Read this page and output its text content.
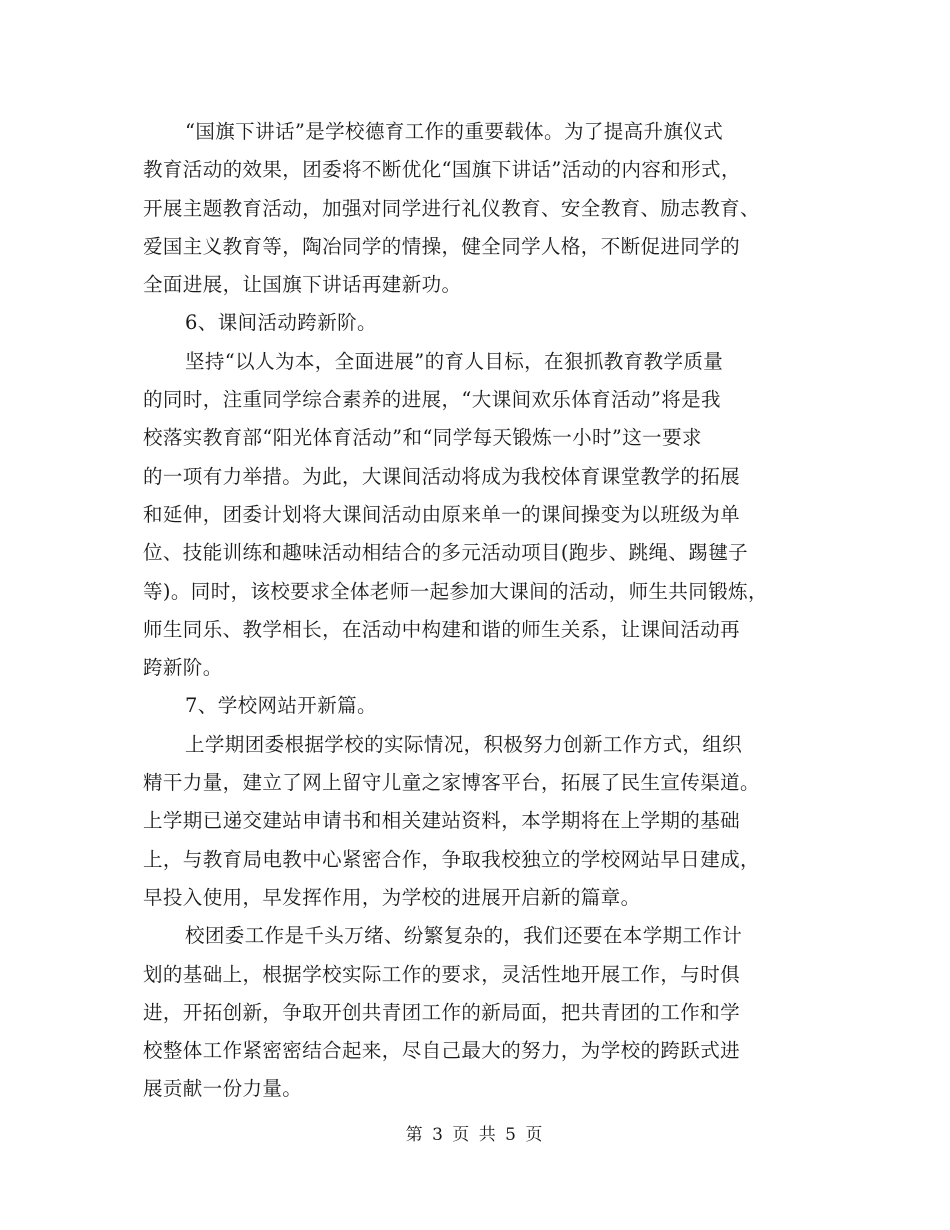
“国旗下讲话”是学校德育工作的重要载体。为了提高升旗仪式
教育活动的效果，团委将不断优化“国旗下讲话”活动的内容和形式，
开展主题教育活动，加强对同学进行礼仪教育、安全教育、励志教育、
爱国主义教育等，陶冶同学的情操，健全同学人格，不断促进同学的
全面进展，让国旗下讲话再建新功。
6、课间活动跨新阶。
坚持“以人为本，全面进展”的育人目标，在狠抓教育教学质量
的同时，注重同学综合素养的进展，“大课间欢乐体育活动”将是我
校落实教育部“阳光体育活动”和“同学每天锻炼一小时”这一要求
的一项有力举措。为此，大课间活动将成为我校体育课堂教学的拓展
和延伸，团委计划将大课间活动由原来单一的课间操变为以班级为单
位、技能训练和趣味活动相结合的多元活动项目(跑步、跳绳、踢毽子
等)。同时，该校要求全体老师一起参加大课间的活动，师生共同锻炼，
师生同乐、教学相长，在活动中构建和谐的师生关系，让课间活动再
跨新阶。
7、学校网站开新篇。
上学期团委根据学校的实际情况，积极努力创新工作方式，组织
精干力量，建立了网上留守儿童之家博客平台，拓展了民生宣传渠道。
上学期已递交建站申请书和相关建站资料，本学期将在上学期的基础
上，与教育局电教中心紧密合作，争取我校独立的学校网站早日建成，
早投入使用，早发挥作用，为学校的进展开启新的篇章。
校团委工作是千头万绪、纷繁复杂的，我们还要在本学期工作计
划的基础上，根据学校实际工作的要求，灵活性地开展工作，与时俱
进，开拓创新，争取开创共青团工作的新局面，把共青团的工作和学
校整体工作紧密密结合起来，尽自己最大的努力，为学校的跨跃式进
展贡献一份力量。
第 3 页 共 5 页
